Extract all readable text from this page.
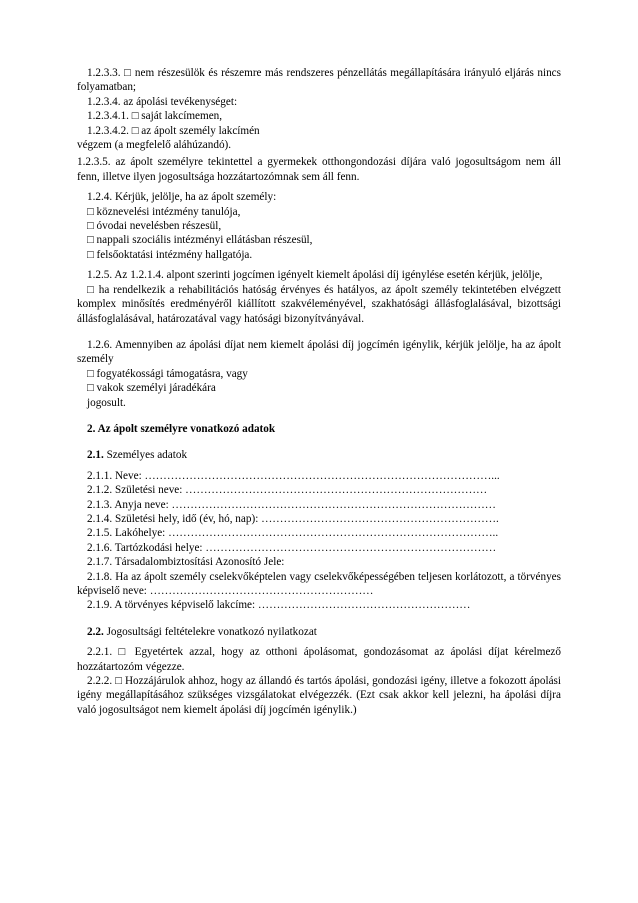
1.2.3.3. □ nem részesülök és részemre más rendszeres pénzellátás megállapítására irányuló eljárás nincs folyamatban;

1.2.3.4. az ápolási tevékenységet:

1.2.3.4.1. □ saját lakcímemen,

1.2.3.4.2. □ az ápolt személy lakcímén

végzem (a megfelelő aláhúzandó).

1.2.3.5. az ápolt személyre tekintettel a gyermekek otthongondozási díjára való jogosultságom nem áll fenn, illetve ilyen jogosultsága hozzátartozómnak sem áll fenn.

1.2.4. Kérjük, jelölje, ha az ápolt személy:

□ köznevelési intézmény tanulója,

□ óvodai nevelésben részesül,

□ nappali szociális intézményi ellátásban részesül,

□ felsőoktatási intézmény hallgatója.

1.2.5. Az 1.2.1.4. alpont szerinti jogcímen igényelt kiemelt ápolási díj igénylése esetén kérjük, jelölje,

□ ha rendelkezik a rehabilitációs hatóság érvényes és hatályos, az ápolt személy tekintetében elvégzett komplex minősítés eredményéről kiállított szakvéleményével, szakhatósági állásfoglalásával, bizottsági állásfoglalásával, határozatával vagy hatósági bizonyítványával.

1.2.6. Amennyiben az ápolási díjat nem kiemelt ápolási díj jogcímén igénylik, kérjük jelölje, ha az ápolt személy

□ fogyatékossági támogatásra, vagy

□ vakok személyi járadékára

jogosult.

2. Az ápolt személyre vonatkozó adatok

2.1. Személyes adatok

2.1.1. Neve: …………………………………………………………………………………...

2.1.2. Születési neve: ………………………………………………………………………

2.1.3. Anyja neve: ……………………………………………………………………………

2.1.4. Születési hely, idő (év, hó, nap): ……………………………………………………….

2.1.5. Lakóhelye: ……………………………………………………………………………..

2.1.6. Tartózkodási helye: ……………………………………………………………………

2.1.7. Társadalombiztosítási Azonosító Jele:

2.1.8. Ha az ápolt személy cselekvőképtelen vagy cselekvőképességében teljesen korlátozott, a törvényes képviselő neve: ……………………………………………………

2.1.9. A törvényes képviselő lakcíme: …………………………………………………

2.2. Jogosultsági feltételekre vonatkozó nyilatkozat

2.2.1. □ Egyetértek azzal, hogy az otthoni ápolásomat, gondozásomat az ápolási díjat kérelmező hozzátartozóm végezze.

2.2.2. □ Hozzájárulok ahhoz, hogy az állandó és tartós ápolási, gondozási igény, illetve a fokozott ápolási igény megállapításához szükséges vizsgálatokat elvégezzék. (Ezt csak akkor kell jelezni, ha ápolási díjra való jogosultságot nem kiemelt ápolási díj jogcímén igénylik.)
